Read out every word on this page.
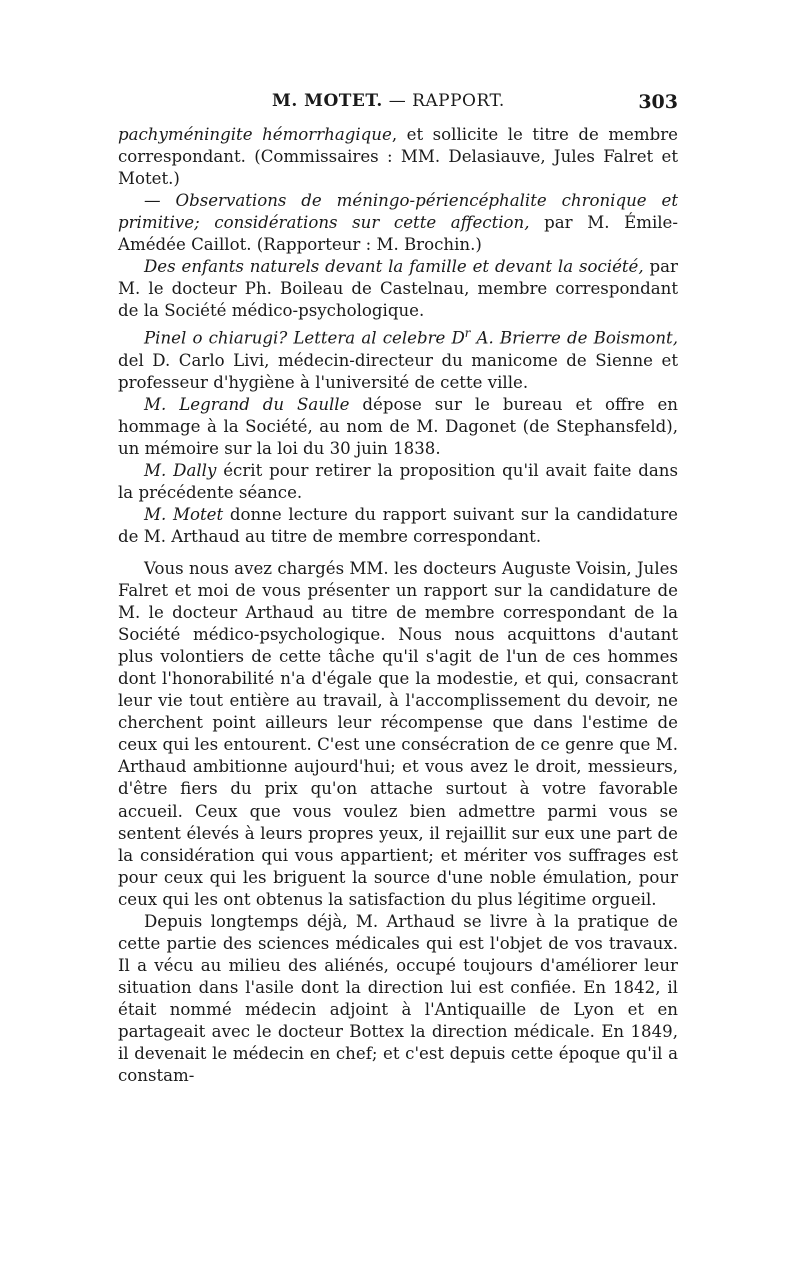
M. MOTET. — RAPPORT.	303

pachyméningite hémorrhagique, et sollicite le titre de membre correspondant. (Commissaires : MM. Delasiauve, Jules Falret et Motet.)

— Observations de méningo-périencéphalite chronique et primitive; considérations sur cette affection, par M. Émile-Amédée Caillot. (Rapporteur : M. Brochin.)

Des enfants naturels devant la famille et devant la société, par M. le docteur Ph. Boileau de Castelnau, membre correspondant de la Société médico-psychologique.

Pinel o chiarugi? Lettera al celebre $D^r$ A. Brierre de Boismont, del D. Carlo Livi, médecin-directeur du manicome de Sienne et professeur d'hygiène à l'université de cette ville.

M. Legrand du Saulle dépose sur le bureau et offre en hommage à la Société, au nom de M. Dagonet (de Stephansfeld), un mémoire sur la loi du 30 juin 1838.

M. Dally écrit pour retirer la proposition qu'il avait faite dans la précédente séance.

M. Motet donne lecture du rapport suivant sur la candidature de M. Arthaud au titre de membre correspondant.

Vous nous avez chargés MM. les docteurs Auguste Voisin, Jules Falret et moi de vous présenter un rapport sur la candidature de M. le docteur Arthaud au titre de membre correspondant de la Société médico-psychologique. Nous nous acquittons d'autant plus volontiers de cette tâche qu'il s'agit de l'un de ces hommes dont l'honorabilité n'a d'égale que la modestie, et qui, consacrant leur vie tout entière au travail, à l'accomplissement du devoir, ne cherchent point ailleurs leur récompense que dans l'estime de ceux qui les entourent. C'est une consécration de ce genre que M. Arthaud ambitionne aujourd'hui; et vous avez le droit, messieurs, d'être fiers du prix qu'on attache surtout à votre favorable accueil. Ceux que vous voulez bien admettre parmi vous se sentent élevés à leurs propres yeux, il rejaillit sur eux une part de la considération qui vous appartient; et mériter vos suffrages est pour ceux qui les briguent la source d'une noble émulation, pour ceux qui les ont obtenus la satisfaction du plus légitime orgueil.

Depuis longtemps déjà, M. Arthaud se livre à la pratique de cette partie des sciences médicales qui est l'objet de vos travaux. Il a vécu au milieu des aliénés, occupé toujours d'améliorer leur situation dans l'asile dont la direction lui est confiée. En 1842, il était nommé médecin adjoint à l'Antiquaille de Lyon et en partageait avec le docteur Bottex la direction médicale. En 1849, il devenait le médecin en chef; et c'est depuis cette époque qu'il a constam-
